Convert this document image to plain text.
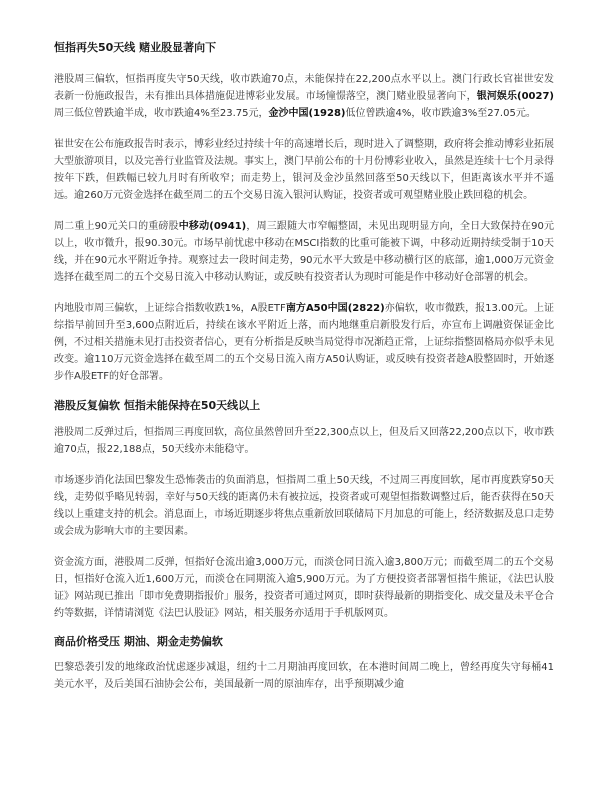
恒指再失50天线 赌业股显著向下

港股周三偏软，恒指再度失守50天线，收市跌逾70点，未能保持在22,200点水平以上。澳门行政长官崔世安发表新一份施政报告，未有推出具体措施促进博彩业发展。市场憧憬落空，澳门赌业股显著向下，银河娱乐(0027)周三低位曾跌逾半成，收市跌逾4%至23.75元，金沙中国(1928)低位曾跌逾4%，收市跌逾3%至27.05元。

崔世安在公布施政报告时表示，博彩业经过持续十年的高速增长后，现时进入了调整期，政府将会推动博彩业拓展大型旅游项目，以及完善行业监管及法规。事实上，澳门早前公布的十月份博彩业收入，虽然是连续十七个月录得按年下跌，但跌幅已较九月时有所收窄；而走势上，银河及金沙虽然回落至50天线以下，但距离该水平并不遥远。逾260万元资金选择在截至周二的五个交易日流入银河认购证，投资者或可观望赌业股止跌回稳的机会。

周二重上90元关口的重磅股中移动(0941)，周三跟随大市窄幅整固，未见出现明显方向，全日大致保持在90元以上，收市微升，报90.30元。市场早前忧虑中移动在MSCI指数的比重可能被下调，中移动近期持续受制于10天线，并在90元水平附近争持。观察过去一段时间走势，90元水平大致是中移动横行区的底部，逾1,000万元资金选择在截至周二的五个交易日流入中移动认购证，或反映有投资者认为现时可能是作中移动好仓部署的机会。

内地股市周三偏软，上证综合指数收跌1%，A股ETF南方A50中国(2822)亦偏软，收市微跌，报13.00元。上证综指早前回升至3,600点附近后，持续在该水平附近上落，而内地继重启新股发行后，亦宣布上调融资保证金比例，不过相关措施未见打击投资者信心，更有分析指是反映当局觉得市况渐趋正常，上证综指整固格局亦似乎未见改变。逾110万元资金选择在截至周二的五个交易日流入南方A50认购证，或反映有投资者趁A股整固时，开始逐步作A股ETF的好仓部署。

港股反复偏软 恒指未能保持在50天线以上

港股周二反弹过后，恒指周三再度回软，高位虽然曾回升至22,300点以上，但及后又回落22,200点以下，收市跌逾70点，报22,188点，50天线亦未能稳守。

市场逐步消化法国巴黎发生恐怖袭击的负面消息，恒指周二重上50天线，不过周三再度回软，尾市再度跌穿50天线，走势似乎略见转弱，幸好与50天线的距离仍未有被拉远，投资者或可观望恒指数调整过后，能否获得在50天线以上重建支持的机会。消息面上，市场近期逐步将焦点重新放回联储局下月加息的可能上，经济数据及息口走势或会成为影响大市的主要因素。

资金流方面，港股周二反弹，恒指好仓流出逾3,000万元，而淡仓同日流入逾3,800万元；而截至周二的五个交易日，恒指好仓流入近1,600万元，而淡仓在同期流入逾5,900万元。为了方便投资者部署恒指牛熊证，《法巴认股证》网站现已推出「即市免费期指报价」服务，投资者可通过网页，即时获得最新的期指变化、成交量及未平仓合约等数据，详情请浏览《法巴认股证》网站，相关服务亦适用于手机版网页。

商品价格受压 期油、期金走势偏软

巴黎恐袭引发的地缘政治忧虑逐步减退，纽约十二月期油再度回软，在本港时间周二晚上，曾经再度失守每桶41美元水平，及后美国石油协会公布，美国最新一周的原油库存，出乎预期减少逾
